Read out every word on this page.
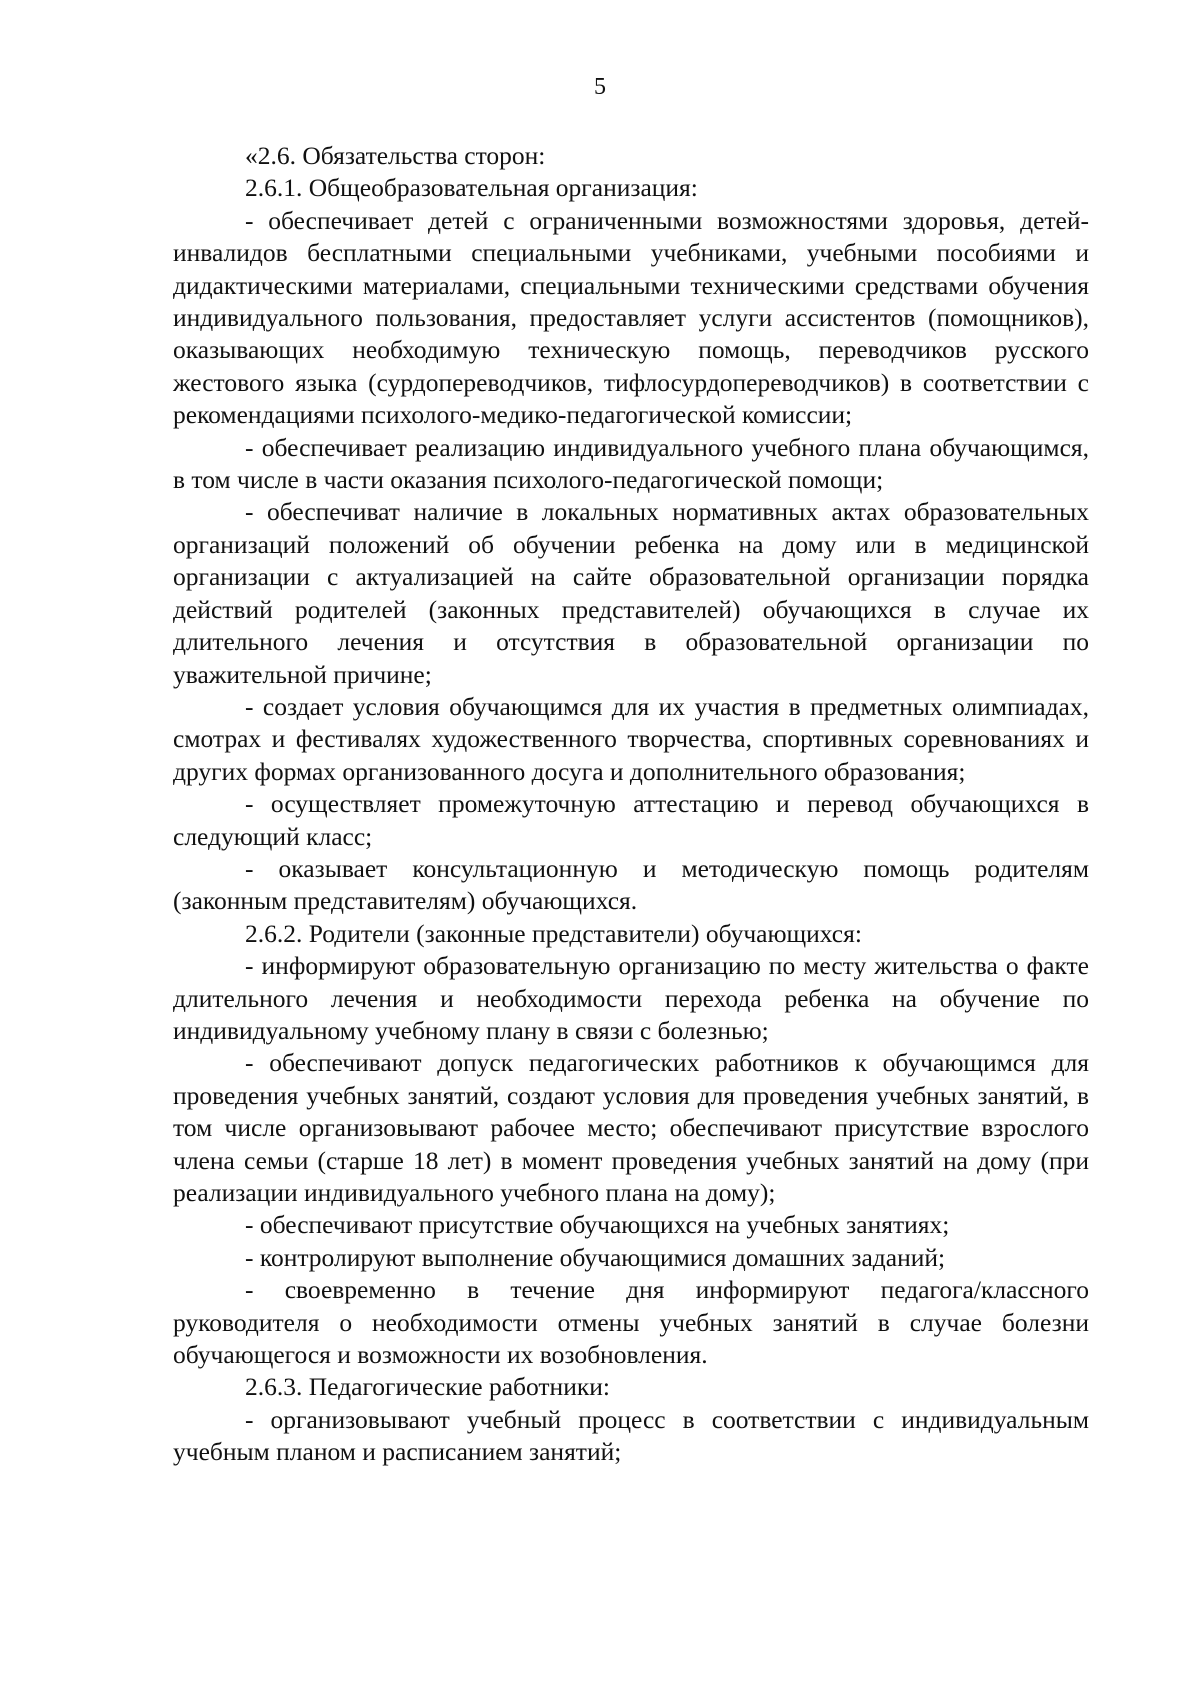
5

«2.6. Обязательства сторон:

2.6.1. Общеобразовательная организация:

- обеспечивает детей с ограниченными возможностями здоровья, детей-инвалидов бесплатными специальными учебниками, учебными пособиями и дидактическими материалами, специальными техническими средствами обучения индивидуального пользования, предоставляет услуги ассистентов (помощников), оказывающих необходимую техническую помощь, переводчиков русского жестового языка (сурдопереводчиков, тифлосурдопереводчиков) в соответствии с рекомендациями психолого-медико-педагогической комиссии;

- обеспечивает реализацию индивидуального учебного плана обучающимся, в том числе в части оказания психолого-педагогической помощи;

- обеспечиват наличие в локальных нормативных актах образовательных организаций положений об обучении ребенка на дому или в медицинской организации с актуализацией на сайте образовательной организации порядка действий родителей (законных представителей) обучающихся в случае их длительного лечения и отсутствия в образовательной организации по уважительной причине;

- создает условия обучающимся для их участия в предметных олимпиадах, смотрах и фестивалях художественного творчества, спортивных соревнованиях и других формах организованного досуга и дополнительного образования;

- осуществляет промежуточную аттестацию и перевод обучающихся в следующий класс;

- оказывает консультационную и методическую помощь родителям (законным представителям) обучающихся.

2.6.2. Родители (законные представители) обучающихся:

- информируют образовательную организацию по месту жительства о факте длительного лечения и необходимости перехода ребенка на обучение по индивидуальному учебному плану в связи с болезнью;

- обеспечивают допуск педагогических работников к обучающимся для проведения учебных занятий, создают условия для проведения учебных занятий, в том числе организовывают рабочее место; обеспечивают присутствие взрослого члена семьи (старше 18 лет) в момент проведения учебных занятий на дому (при реализации индивидуального учебного плана на дому);

- обеспечивают присутствие обучающихся на учебных занятиях;

- контролируют выполнение обучающимися домашних заданий;

- своевременно в течение дня информируют педагога/классного руководителя о необходимости отмены учебных занятий в случае болезни обучающегося и возможности их возобновления.

2.6.3. Педагогические работники:

- организовывают учебный процесс в соответствии с индивидуальным учебным планом и расписанием занятий;
